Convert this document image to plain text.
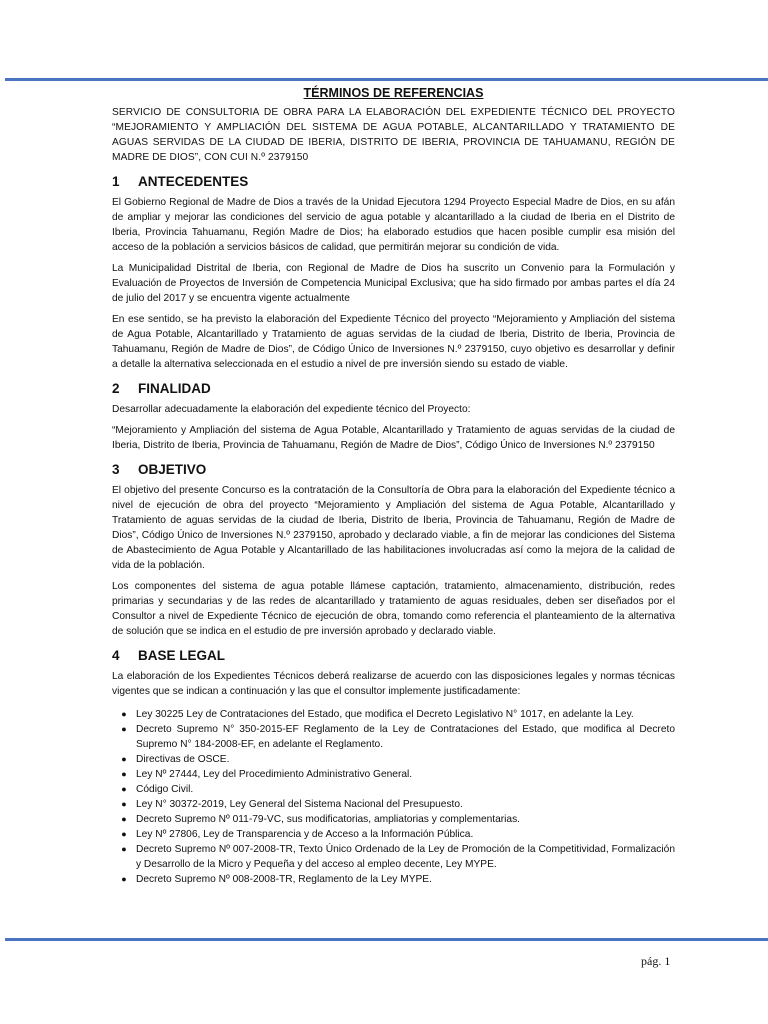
TÉRMINOS DE REFERENCIAS

SERVICIO DE CONSULTORIA DE OBRA PARA LA ELABORACIÓN DEL EXPEDIENTE TÉCNICO DEL PROYECTO “MEJORAMIENTO Y AMPLIACIÓN DEL SISTEMA DE AGUA POTABLE, ALCANTARILLADO Y TRATAMIENTO DE AGUAS SERVIDAS DE LA CIUDAD DE IBERIA, DISTRITO DE IBERIA, PROVINCIA DE TAHUAMANU, REGIÓN DE MADRE DE DIOS”, CON CUI N.º 2379150

1	ANTECEDENTES

El Gobierno Regional de Madre de Dios a través de la Unidad Ejecutora 1294 Proyecto Especial Madre de Dios, en su afán de ampliar y mejorar las condiciones del servicio de agua potable y alcantarillado a la ciudad de Iberia en el Distrito de Iberia, Provincia Tahuamanu, Región Madre de Dios; ha elaborado estudios que hacen posible cumplir esa misión del acceso de la población a servicios básicos de calidad, que permitirán mejorar su condición de vida.

La Municipalidad Distrital de Iberia, con Regional de Madre de Dios ha suscrito un Convenio para la Formulación y Evaluación de Proyectos de Inversión de Competencia Municipal Exclusiva; que ha sido firmado por ambas partes el día 24 de julio del 2017 y se encuentra vigente actualmente

En ese sentido, se ha previsto la elaboración del Expediente Técnico del proyecto “Mejoramiento y Ampliación del sistema de Agua Potable, Alcantarillado y Tratamiento de aguas servidas de la ciudad de Iberia, Distrito de Iberia, Provincia de Tahuamanu, Región de Madre de Dios”, de Código Único de Inversiones N.º 2379150, cuyo objetivo es desarrollar y definir a detalle la alternativa seleccionada en el estudio a nivel de pre inversión siendo su estado de viable.

2	FINALIDAD

Desarrollar adecuadamente la elaboración del expediente técnico del Proyecto:

“Mejoramiento y Ampliación del sistema de Agua Potable, Alcantarillado y Tratamiento de aguas servidas de la ciudad de Iberia, Distrito de Iberia, Provincia de Tahuamanu, Región de Madre de Dios”, Código Único de Inversiones N.º 2379150

3	OBJETIVO

El objetivo del presente Concurso es la contratación de la Consultoría de Obra para la elaboración del Expediente técnico a nivel de ejecución de obra del proyecto “Mejoramiento y Ampliación del sistema de Agua Potable, Alcantarillado y Tratamiento de aguas servidas de la ciudad de Iberia, Distrito de Iberia, Provincia de Tahuamanu, Región de Madre de Dios”, Código Único de Inversiones N.º 2379150, aprobado y declarado viable, a fin de mejorar las condiciones del Sistema de Abastecimiento de Agua Potable y Alcantarillado de las habilitaciones involucradas así como la mejora de la calidad de vida de la población.

Los componentes del sistema de agua potable llámese captación, tratamiento, almacenamiento, distribución, redes primarias y secundarias y de las redes de alcantarillado y tratamiento de aguas residuales, deben ser diseñados por el Consultor a nivel de Expediente Técnico de ejecución de obra, tomando como referencia el planteamiento de la alternativa de solución que se indica en el estudio de pre inversión aprobado y declarado viable.

4	BASE LEGAL

La elaboración de los Expedientes Técnicos deberá realizarse de acuerdo con las disposiciones legales y normas técnicas vigentes que se indican a continuación y las que el consultor implemente justificadamente:

● Ley 30225 Ley de Contrataciones del Estado, que modifica el Decreto Legislativo N° 1017, en adelante la Ley.
● Decreto Supremo N° 350-2015-EF Reglamento de la Ley de Contrataciones del Estado, que modifica al Decreto Supremo N° 184-2008-EF, en adelante el Reglamento.
● Directivas de OSCE.
● Ley Nº 27444, Ley del Procedimiento Administrativo General.
● Código Civil.
● Ley N° 30372-2019, Ley General del Sistema Nacional del Presupuesto.
● Decreto Supremo Nº 011-79-VC, sus modificatorias, ampliatorias y complementarias.
● Ley Nº 27806, Ley de Transparencia y de Acceso a la Información Pública.
● Decreto Supremo Nº 007-2008-TR, Texto Único Ordenado de la Ley de Promoción de la Competitividad, Formalización y Desarrollo de la Micro y Pequeña y del acceso al empleo decente, Ley MYPE.
● Decreto Supremo Nº 008-2008-TR, Reglamento de la Ley MYPE.
pág. 1
